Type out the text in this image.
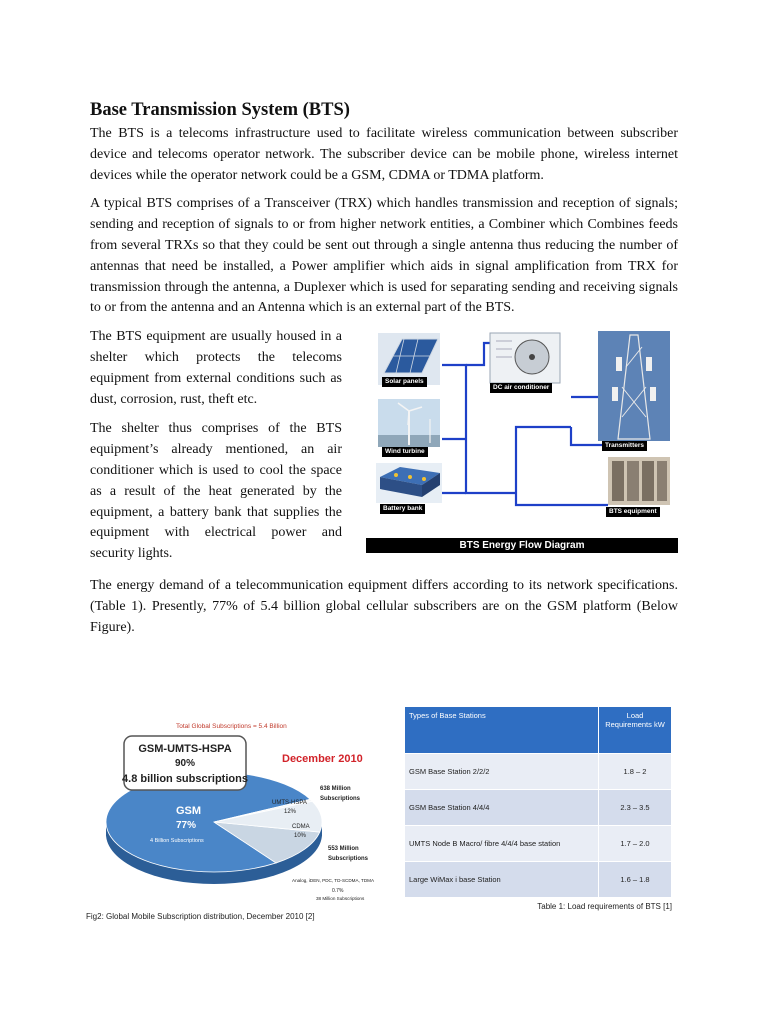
Base Transmission System (BTS)

The BTS is a telecoms infrastructure used to facilitate wireless communication between subscriber device and telecoms operator network. The subscriber device can be mobile phone, wireless internet devices while the operator network could be a GSM, CDMA or TDMA platform.

A typical BTS comprises of a Transceiver (TRX) which handles transmission and reception of signals; sending and reception of signals to or from higher network entities, a Combiner which Combines feeds from several TRXs so that they could be sent out through a single antenna thus reducing the number of antennas that need be installed, a Power amplifier which aids in signal amplification from TRX for transmission through the antenna, a Duplexer which is used for separating sending and receiving signals to or from the antenna and an Antenna which is an external part of the BTS.

The BTS equipment are usually housed in a shelter which protects the telecoms equipment from external conditions such as dust, corrosion, rust, theft etc.

The shelter thus comprises of the BTS equipment’s already mentioned, an air conditioner which is used to cool the space as a result of the heat generated by the equipment, a battery bank that supplies the equipment with electrical power and security lights.

Solar panels
DC air conditioner
Wind turbine
Transmitters
Battery bank	BTS equipment
BTS Energy Flow Diagram

The energy demand of a telecommunication equipment differs according to its network specifications.(Table 1). Presently, 77% of 5.4 billion global cellular subscribers are on the GSM platform (Below Figure).

Total Global Subscriptions = 5.4 Billion
GSM-UMTS-HSPA
90%
4.8 billion subscriptions
December 2010
GSM
77%
4 Billion Subscriptions
UMTS-HSPA
12%
638 Million
Subscriptions
CDMA
10%
553 Million
Subscriptions
Analog, iDEN, PDC, TD-SCDMA, TDMA
0.7%
38 Million Subscriptions
Fig2: Global Mobile Subscription distribution, December 2010 [2]
Types of Base Stations	Load Requirements kW
GSM Base Station 2/2/2	1.8 – 2
GSM Base Station 4/4/4	2.3 – 3.5
UMTS Node B Macro/ fibre 4/4/4 base station	1.7 – 2.0
Large WiMax i base Station	1.6 – 1.8
Table 1: Load requirements of BTS [1]
